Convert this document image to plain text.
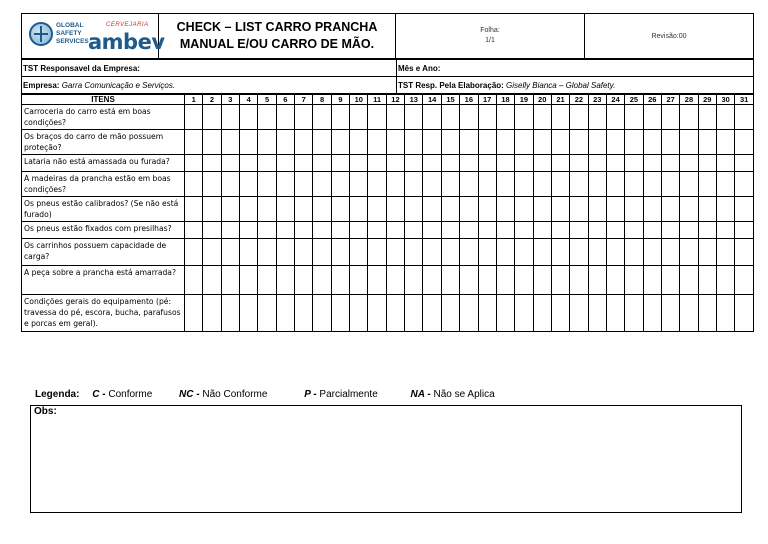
GLOBAL
SAFETY
SERVICES
CERVEJARIA
ambev

CHECK – LIST CARRO PRANCHA
MANUAL E/OU CARRO DE MÃO.

Folha:
1/1
	Revisão:00
TST Responsavel da Empresa:	Mês e Ano:
Empresa: Garra Comunicação e Serviços.	TST Resp. Pela Elaboração: Giselly Bianca – Global Safety.
ITENS	1	2	3	4	5	6	7	8	9	10	11	12	13	14	15	16	17	18	19	20	21	22	23	24	25	26	27	28	29	30	31
Carroceria do carro está em boas condições?																															
Os braços do carro de mão possuem proteção?																															
Lataria não está amassada ou furada?																															
A madeiras da prancha estão em boas condições?																															
Os pneus estão calibrados? (Se não está furado)																															
Os pneus estão fixados com presilhas?																															
Os carrinhos possuem capacidade de carga?																															
A peça sobre a prancha está amarrada?																															
Condições gerais do equipamento (pé: travessa do pé, escora, bucha, parafusos e porcas em geral).																															
Legenda: C - Conforme	NC - Não Conforme	P - Parcialmente	NA - Não se Aplica
Obs:
